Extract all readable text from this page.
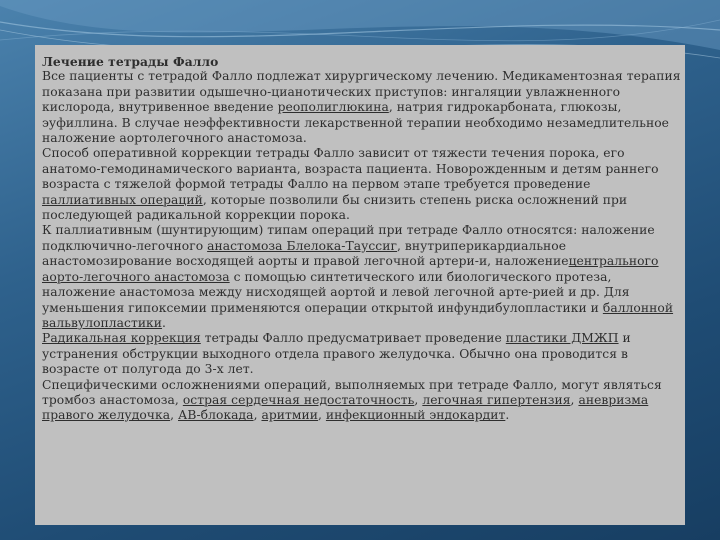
Лечение тетрады Фалло
Все пациенты с тетрадой Фалло подлежат хирургическому лечению. Медикаментозная терапия показана при развитии одышечно-цианотических приступов: ингаляции увлажненного кислорода, внутривенное введение реополиглюкина, натрия гидрокарбоната, глюкозы, эуфиллина. В случае неэффективности лекарственной терапии необходимо незамедлительное наложение аортолегочного анастомоза.
Способ оперативной коррекции тетрады Фалло зависит от тяжести течения порока, его анатомо-гемодинамического варианта, возраста пациента. Новорожденным и детям раннего возраста с тяжелой формой тетрады Фалло на первом этапе требуется проведение паллиативных операций, которые позволили бы снизить степень риска осложнений при последующей радикальной коррекции порока.
К паллиативным (шунтирующим) типам операций при тетраде Фалло относятся: наложение подключично-легочного анастомоза Блелока-Тауссиг, внутриперикардиальное анастомозирование восходящей аорты и правой легочной артери-и, наложениецентрального аорто-легочного анастомоза с помощью синтетического или биологического протеза, наложение анастомоза между нисходящей аортой и левой легочной арте-рией и др. Для уменьшения гипоксемии применяются операции открытой инфундибулопластики и баллонной вальвулопластики.
Радикальная коррекция тетрады Фалло предусматривает проведение пластики ДМЖП и устранения обструкции выходного отдела правого желудочка. Обычно она проводится в возрасте от полугода до 3-х лет.
Специфическими осложнениями операций, выполняемых при тетраде Фалло, могут являться тромбоз анастомоза, острая сердечная недостаточность, легочная гипертензия, аневризма правого желудочка, АВ-блокада, аритмии, инфекционный эндокардит.
